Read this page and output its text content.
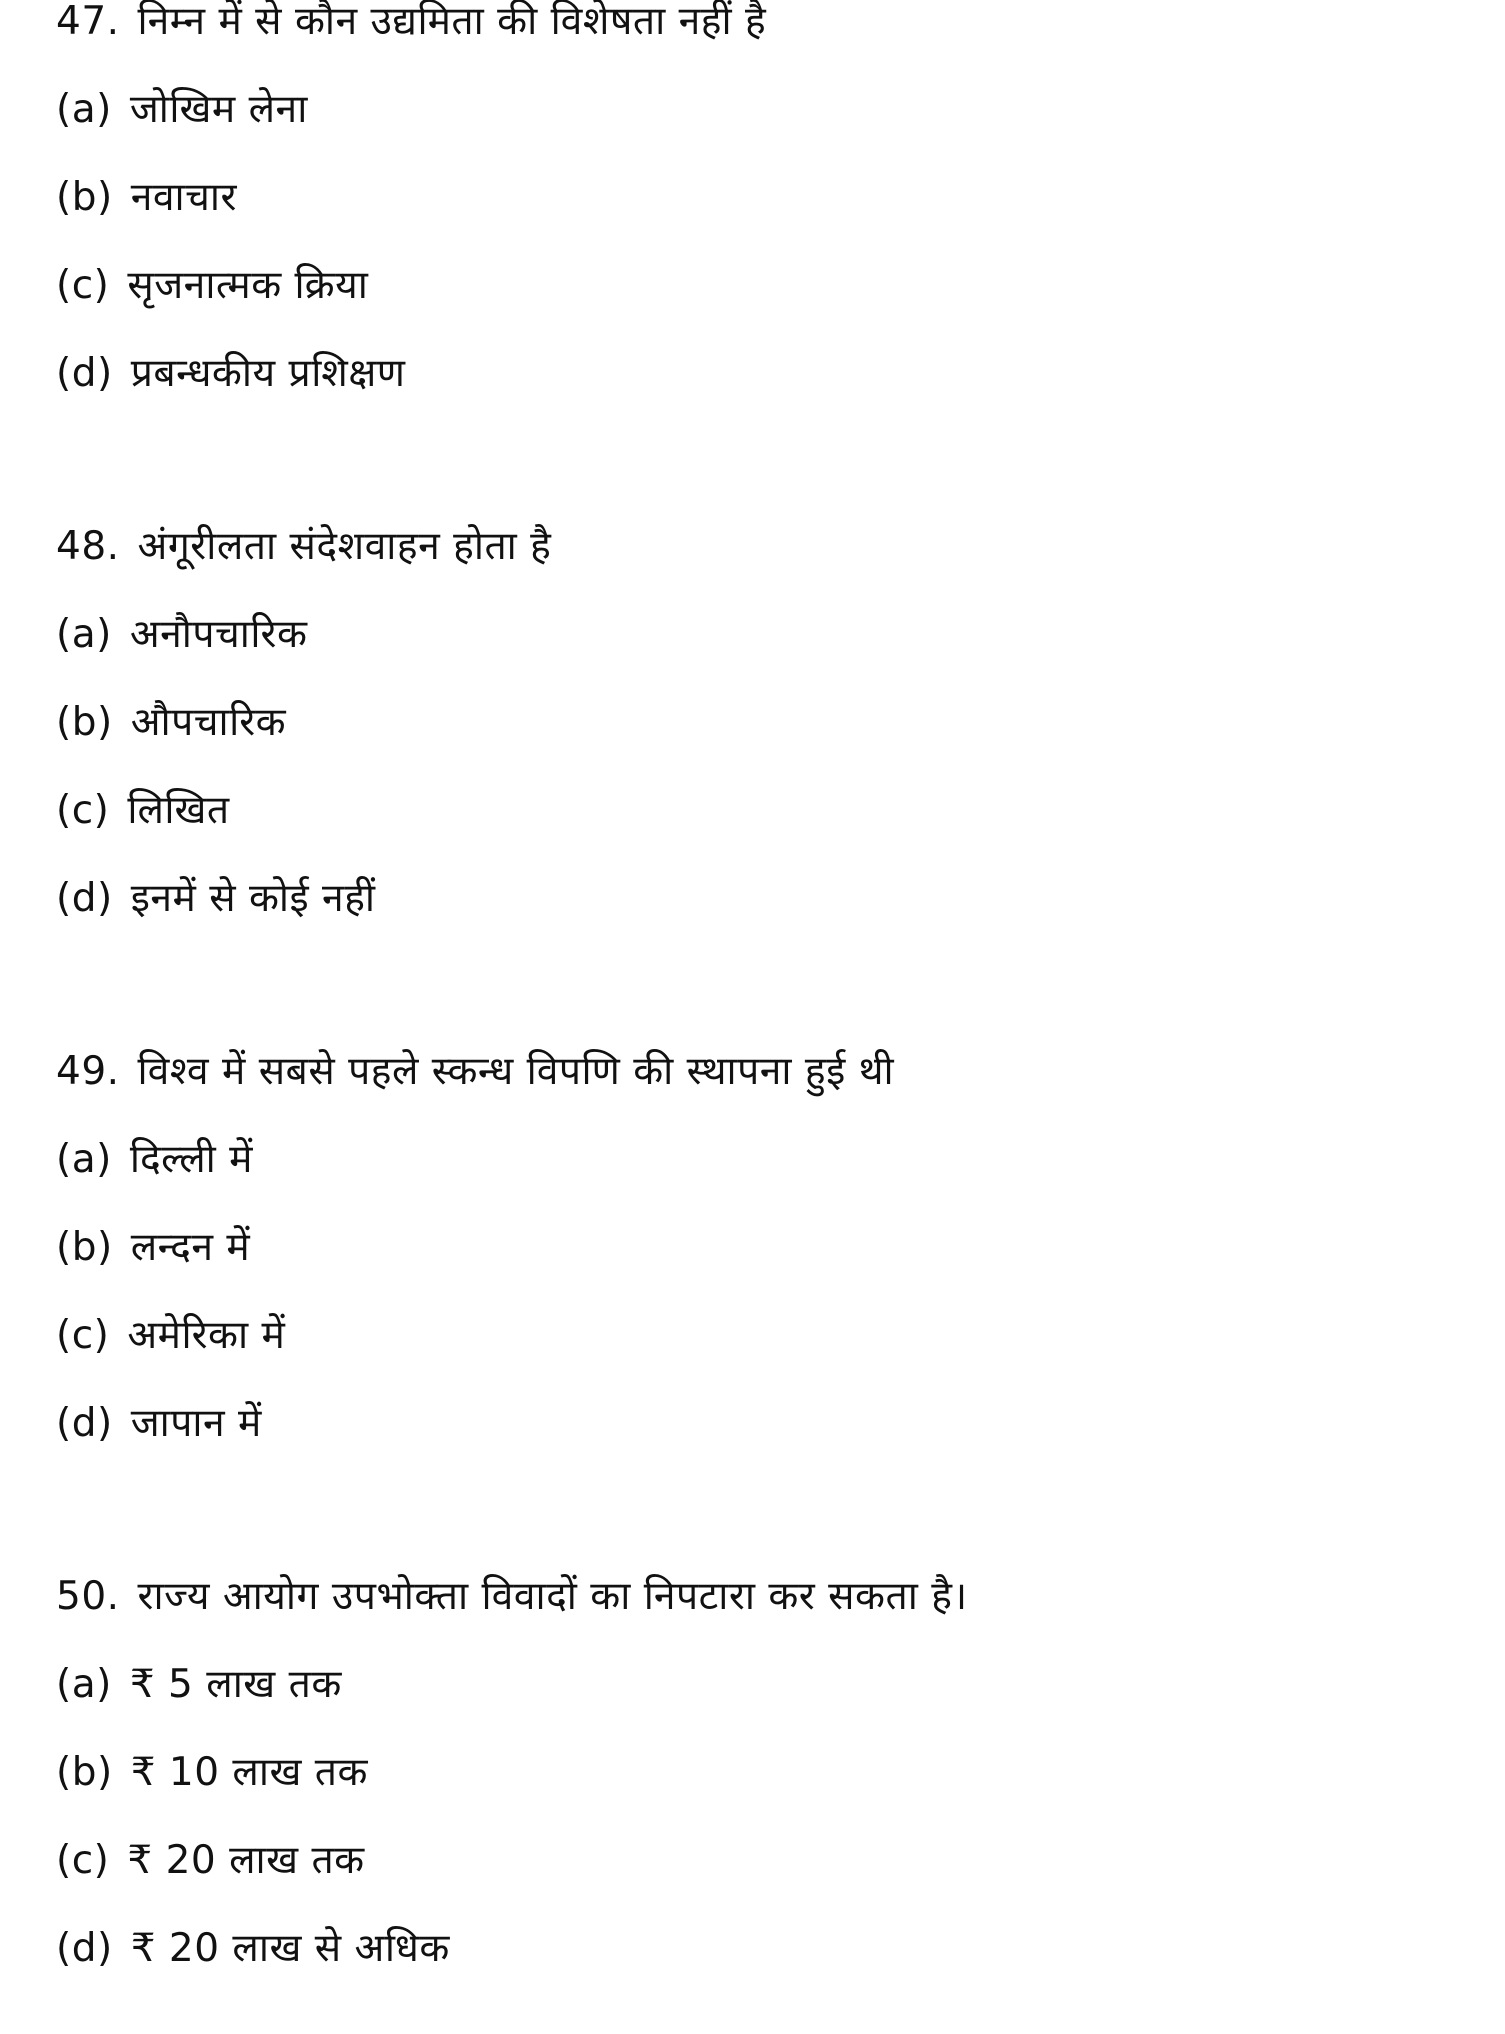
47. निम्न में से कौन उद्यमिता की विशेषता नहीं है
(a) जोखिम लेना
(b) नवाचार
(c) सृजनात्मक क्रिया
(d) प्रबन्धकीय प्रशिक्षण
48. अंगूरीलता संदेशवाहन होता है
(a) अनौपचारिक
(b) औपचारिक
(c) लिखित
(d) इनमें से कोई नहीं
49. विश्व में सबसे पहले स्कन्ध विपणि की स्थापना हुई थी
(a) दिल्ली में
(b) लन्दन में
(c) अमेरिका में
(d) जापान में
50. राज्य आयोग उपभोक्ता विवादों का निपटारा कर सकता है।
(a) ₹ 5 लाख तक
(b) ₹ 10 लाख तक
(c) ₹ 20 लाख तक
(d) ₹ 20 लाख से अधिक
